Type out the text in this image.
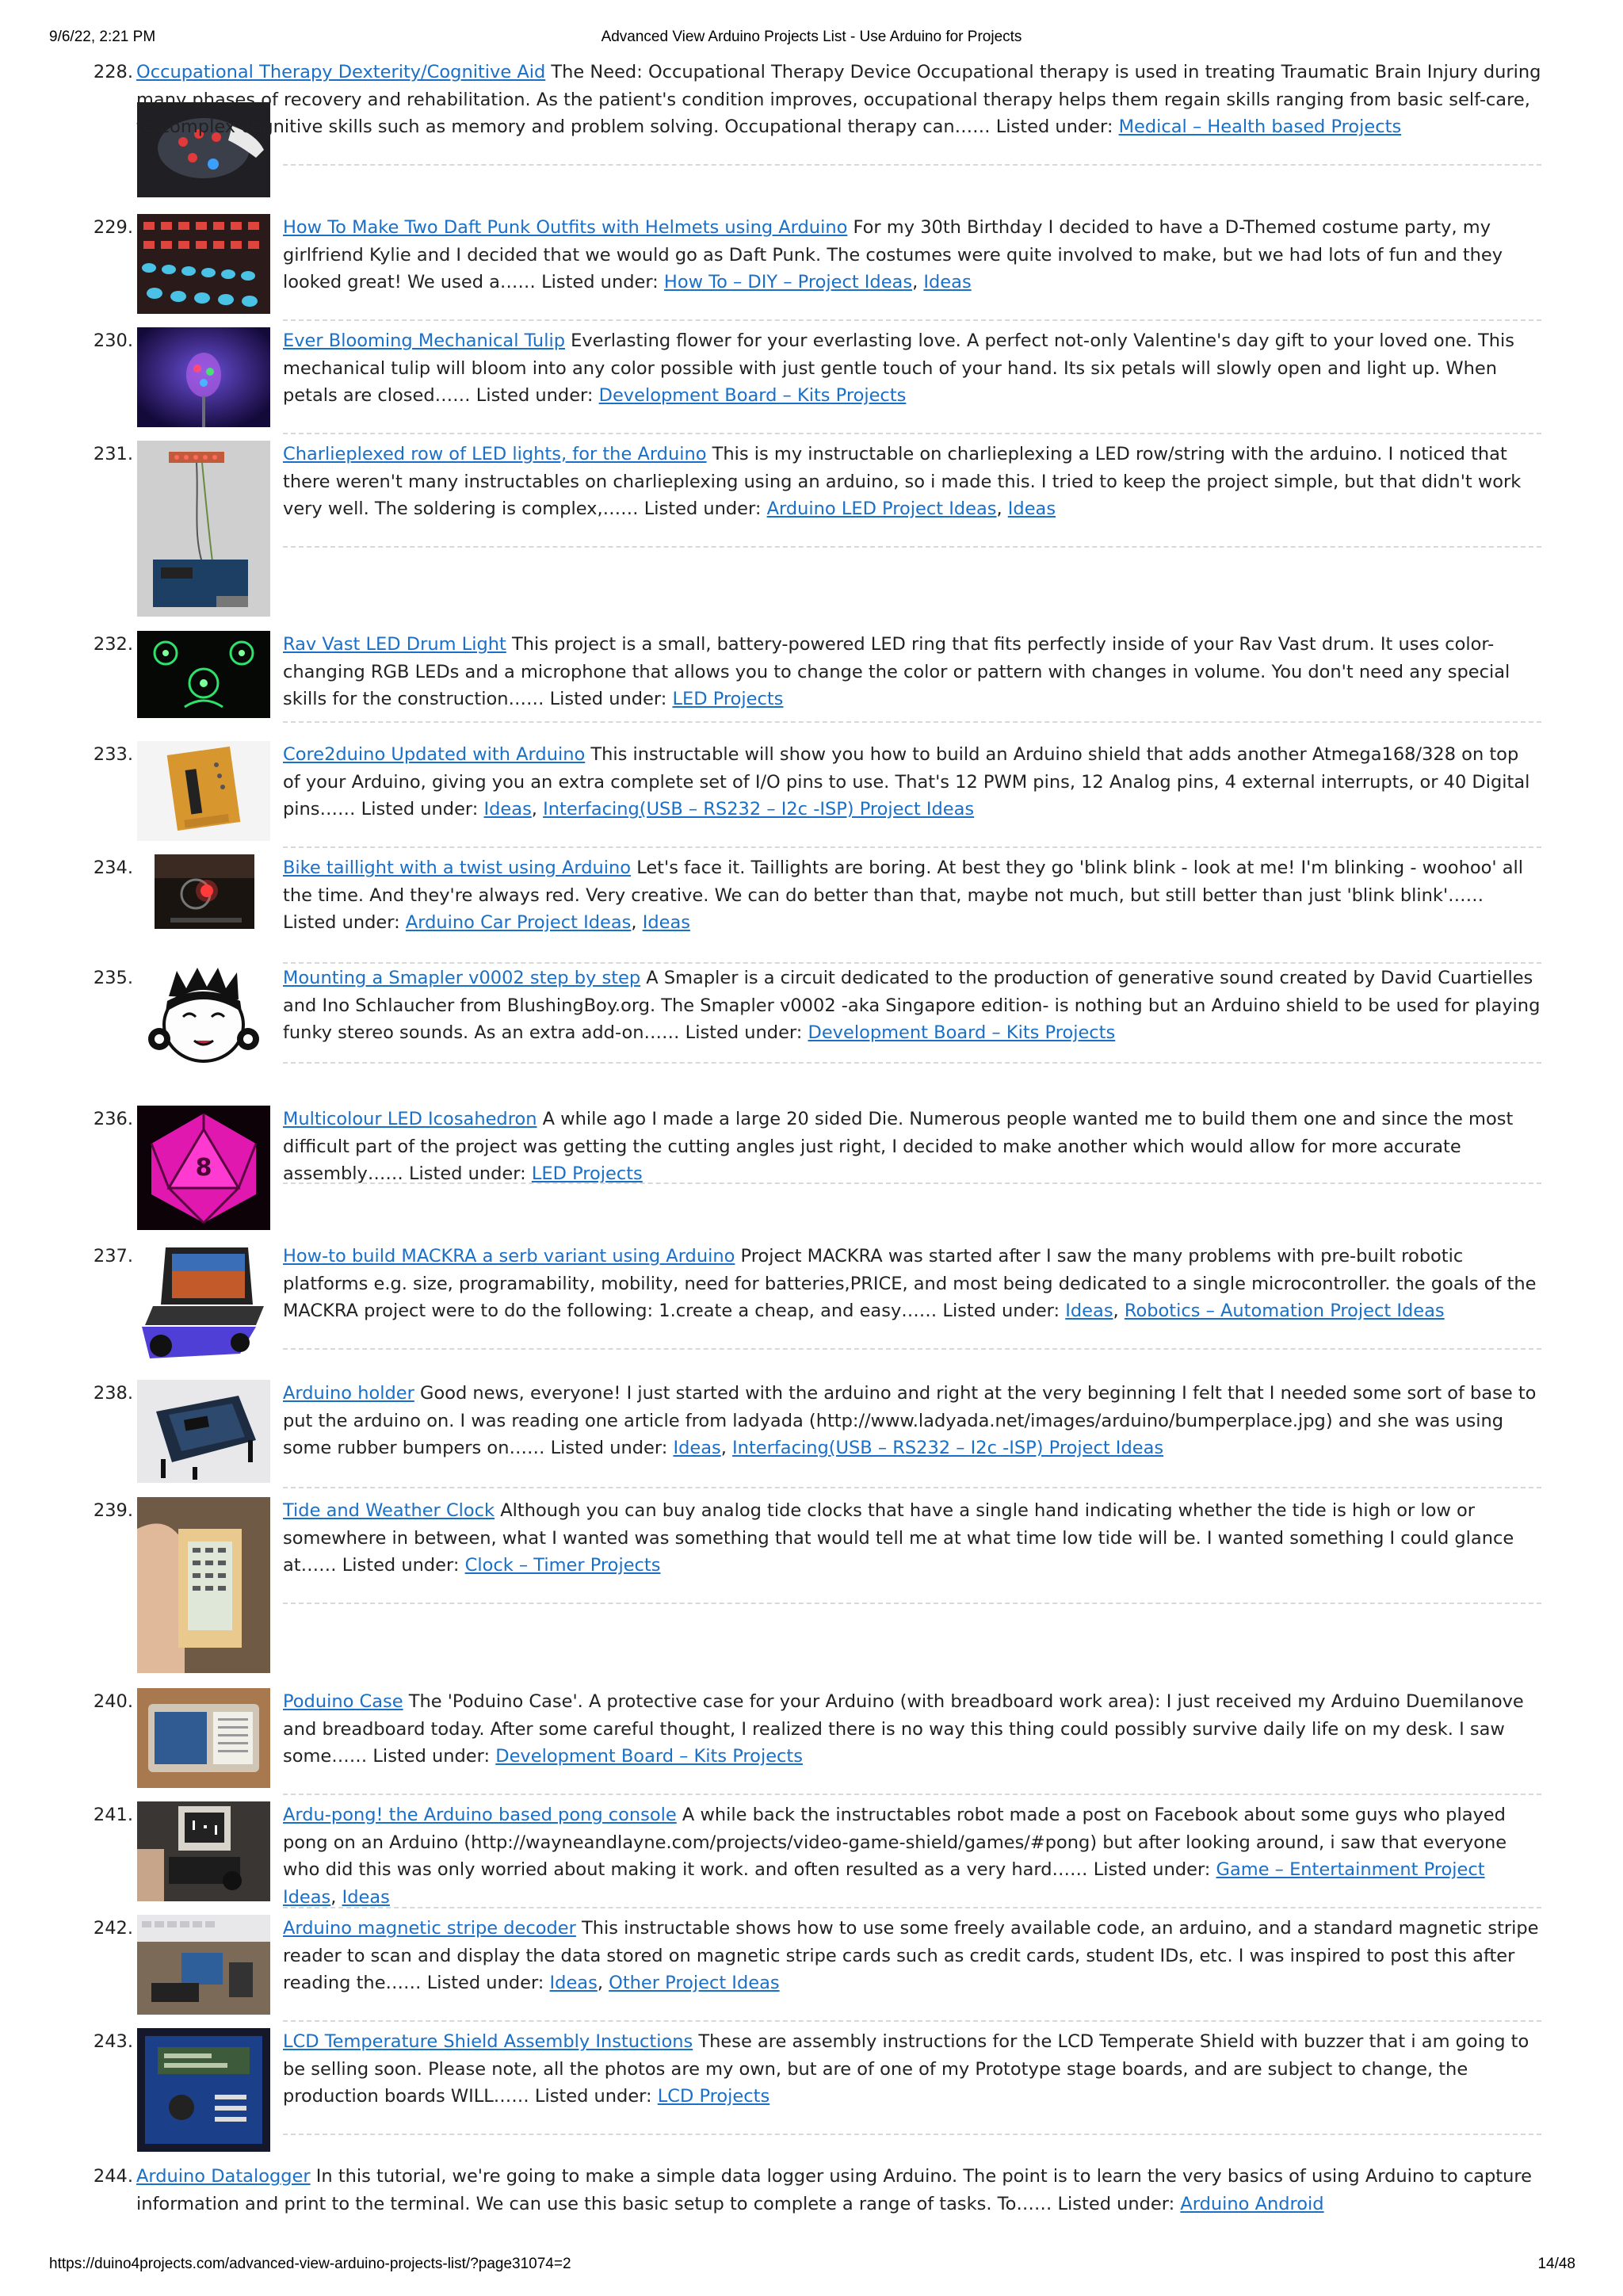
9/6/22, 2:21 PM	Advanced View Arduino Projects List - Use Arduino for Projects
228. Occupational Therapy Dexterity/Cognitive Aid The Need: Occupational Therapy Device Occupational therapy is used in treating Traumatic Brain Injury during many phases of recovery and rehabilitation. As the patient's condition improves, occupational therapy helps them regain skills ranging from basic self-care, to complex cognitive skills such as memory and problem solving. Occupational therapy can…… Listed under: Medical – Health based Projects
229.	How To Make Two Daft Punk Outfits with Helmets using Arduino For my 30th Birthday I decided to have a D-Themed costume party, my girlfriend Kylie and I decided that we would go as Daft Punk. The costumes were quite involved to make, but we had lots of fun and they looked great! We used a…… Listed under: How To – DIY – Project Ideas, Ideas
230.	Ever Blooming Mechanical Tulip Everlasting flower for your everlasting love. A perfect not-only Valentine's day gift to your loved one. This mechanical tulip will bloom into any color possible with just gentle touch of your hand. Its six petals will slowly open and light up. When petals are closed…… Listed under: Development Board – Kits Projects
231.	Charlieplexed row of LED lights, for the Arduino This is my instructable on charlieplexing a LED row/string with the arduino. I noticed that there weren't many instructables on charlieplexing using an arduino, so i made this. I tried to keep the project simple, but that didn't work very well. The soldering is complex,…… Listed under: Arduino LED Project Ideas, Ideas
232.	Rav Vast LED Drum Light This project is a small, battery-powered LED ring that fits perfectly inside of your Rav Vast drum. It uses color-changing RGB LEDs and a microphone that allows you to change the color or pattern with changes in volume. You don't need any special skills for the construction…… Listed under: LED Projects
233.	Core2duino Updated with Arduino This instructable will show you how to build an Arduino shield that adds another Atmega168/328 on top of your Arduino, giving you an extra complete set of I/O pins to use. That's 12 PWM pins, 12 Analog pins, 4 external interrupts, or 40 Digital pins…… Listed under: Ideas, Interfacing(USB – RS232 – I2c -ISP) Project Ideas
234.	Bike taillight with a twist using Arduino Let's face it. Taillights are boring. At best they go 'blink blink - look at me! I'm blinking - woohoo' all the time. And they're always red. Very creative. We can do better than that, maybe not much, but still better than just 'blink blink'…… Listed under: Arduino Car Project Ideas, Ideas
235.	Mounting a Smapler v0002 step by step A Smapler is a circuit dedicated to the production of generative sound created by David Cuartielles and Ino Schlaucher from BlushingBoy.org. The Smapler v0002 -aka Singapore edition- is nothing but an Arduino shield to be used for playing funky stereo sounds. As an extra add-on…… Listed under: Development Board – Kits Projects
236.
8
Multicolour LED Icosahedron A while ago I made a large 20 sided Die. Numerous people wanted me to build them one and since the most difficult part of the project was getting the cutting angles just right, I decided to make another which would allow for more accurate assembly…… Listed under: LED Projects
237.	How-to build MACKRA a serb variant using Arduino Project MACKRA was started after I saw the many problems with pre-built robotic platforms e.g. size, programability, mobility, need for batteries,PRICE, and most being dedicated to a single microcontroller. the goals of the MACKRA project were to do the following: 1.create a cheap, and easy…… Listed under: Ideas, Robotics – Automation Project Ideas
238.	Arduino holder Good news, everyone! I just started with the arduino and right at the very beginning I felt that I needed some sort of base to put the arduino on. I was reading one article from ladyada (http://www.ladyada.net/images/arduino/bumperplace.jpg) and she was using some rubber bumpers on…… Listed under: Ideas, Interfacing(USB – RS232 – I2c -ISP) Project Ideas
239.	Tide and Weather Clock Although you can buy analog tide clocks that have a single hand indicating whether the tide is high or low or somewhere in between, what I wanted was something that would tell me at what time low tide will be. I wanted something I could glance at…… Listed under: Clock – Timer Projects
240.	Poduino Case The 'Poduino Case'. A protective case for your Arduino (with breadboard work area): I just received my Arduino Duemilanove and breadboard today. After some careful thought, I realized there is no way this thing could possibly survive daily life on my desk. I saw some…… Listed under: Development Board – Kits Projects
241.	Ardu-pong! the Arduino based pong console A while back the instructables robot made a post on Facebook about some guys who played pong on an Arduino (http://wayneandlayne.com/projects/video-game-shield/games/#pong) but after looking around, i saw that everyone who did this was only worried about making it work. and often resulted as a very hard…… Listed under: Game – Entertainment Project Ideas, Ideas
242.	Arduino magnetic stripe decoder This instructable shows how to use some freely available code, an arduino, and a standard magnetic stripe reader to scan and display the data stored on magnetic stripe cards such as credit cards, student IDs, etc. I was inspired to post this after reading the…… Listed under: Ideas, Other Project Ideas
243.	LCD Temperature Shield Assembly Instuctions These are assembly instructions for the LCD Temperate Shield with buzzer that i am going to be selling soon. Please note, all the photos are my own, but are of one of my Prototype stage boards, and are subject to change, the production boards WILL…… Listed under: LCD Projects
244. Arduino Datalogger In this tutorial, we're going to make a simple data logger using Arduino. The point is to learn the very basics of using Arduino to capture information and print to the terminal. We can use this basic setup to complete a range of tasks. To…… Listed under: Arduino Android
https://duino4projects.com/advanced-view-arduino-projects-list/?page31074=2	14/48
